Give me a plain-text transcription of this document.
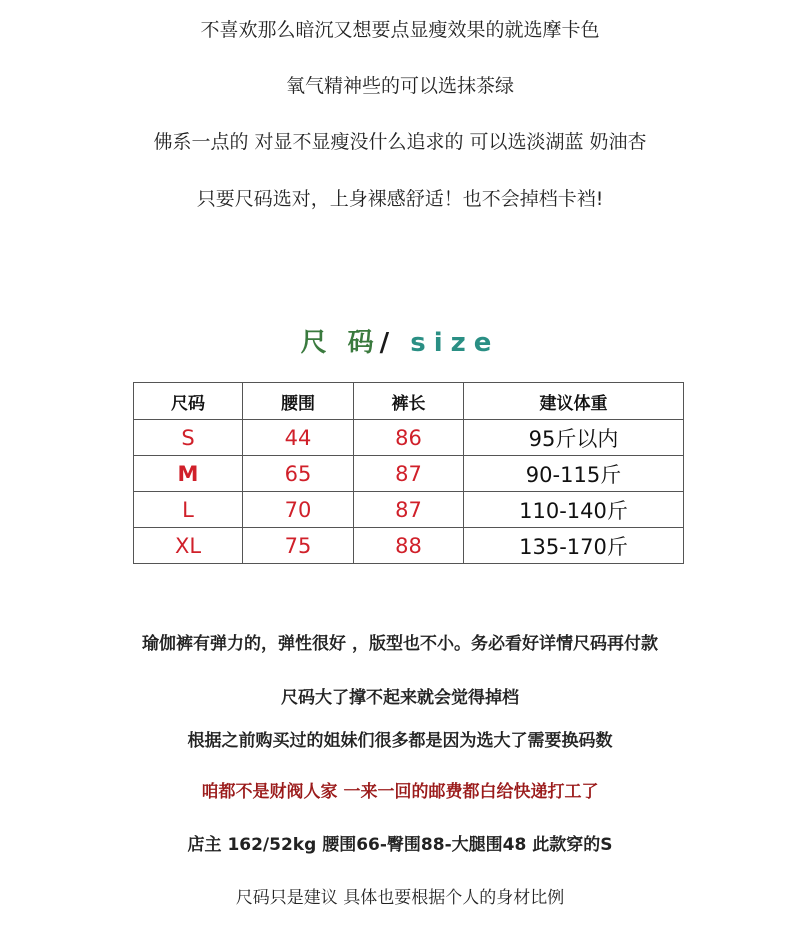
不喜欢那么暗沉又想要点显瘦效果的就选摩卡色
氧气精神些的可以选抹茶绿
佛系一点的 对显不显瘦没什么追求的 可以选淡湖蓝 奶油杏
只要尺码选对，上身裸感舒适！也不会掉档卡裆!
尺 码/ size
尺码	腰围	裤长	建议体重
S	44	86	95斤以内
M	65	87	90-115斤
L	70	87	110-140斤
XL	75	88	135-170斤
瑜伽裤有弹力的，弹性很好 ，版型也不小。务必看好详情尺码再付款
尺码大了撑不起来就会觉得掉档
根据之前购买过的姐妹们很多都是因为选大了需要换码数
咱都不是财阀人家 一来一回的邮费都白给快递打工了
店主 162/52kg 腰围66-臀围88-大腿围48 此款穿的S
尺码只是建议 具体也要根据个人的身材比例
